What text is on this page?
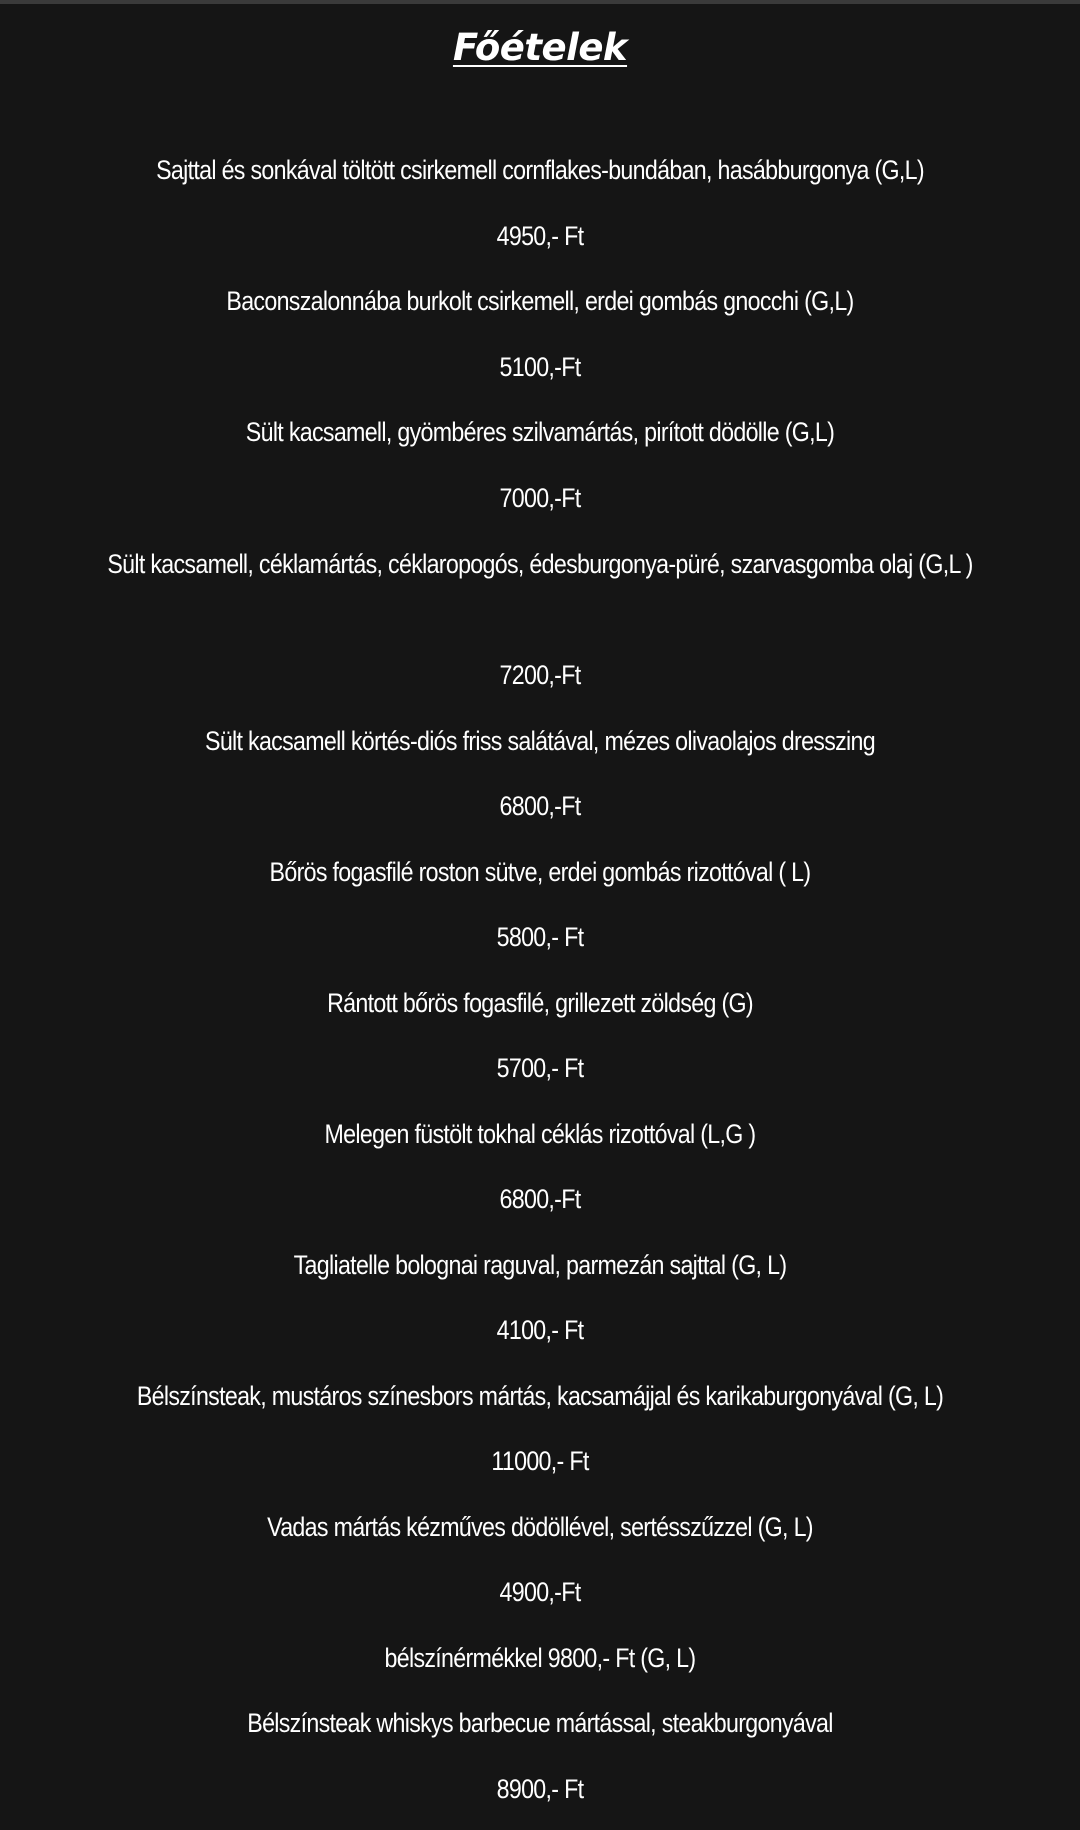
Főételek
Sajttal és sonkával töltött csirkemell cornflakes-bundában, hasábburgonya (G,L)
4950,- Ft
Baconszalonnába burkolt csirkemell, erdei gombás gnocchi (G,L)
5100,-Ft
Sült kacsamell, gyömbéres szilvamártás, pirított dödölle (G,L)
7000,-Ft
Sült kacsamell, céklamártás, céklaropogós, édesburgonya-püré, szarvasgomba olaj (G,L )
7200,-Ft
Sült kacsamell körtés-diós friss salátával, mézes olivaolajos dresszing
6800,-Ft
Bőrös fogasfilé roston sütve, erdei gombás rizottóval ( L)
5800,- Ft
Rántott bőrös fogasfilé, grillezett zöldség (G)
5700,- Ft
Melegen füstölt tokhal céklás rizottóval (L,G )
6800,-Ft
Tagliatelle bolognai raguval, parmezán sajttal (G, L)
4100,- Ft
Bélszínsteak, mustáros színesbors mártás, kacsamájjal és karikaburgonyával (G, L)
11000,- Ft
Vadas mártás kézműves dödöllével, sertésszűzzel (G, L)
4900,-Ft
bélszínérmékkel 9800,- Ft (G, L)
Bélszínsteak whiskys barbecue mártással, steakburgonyával
8900,- Ft
